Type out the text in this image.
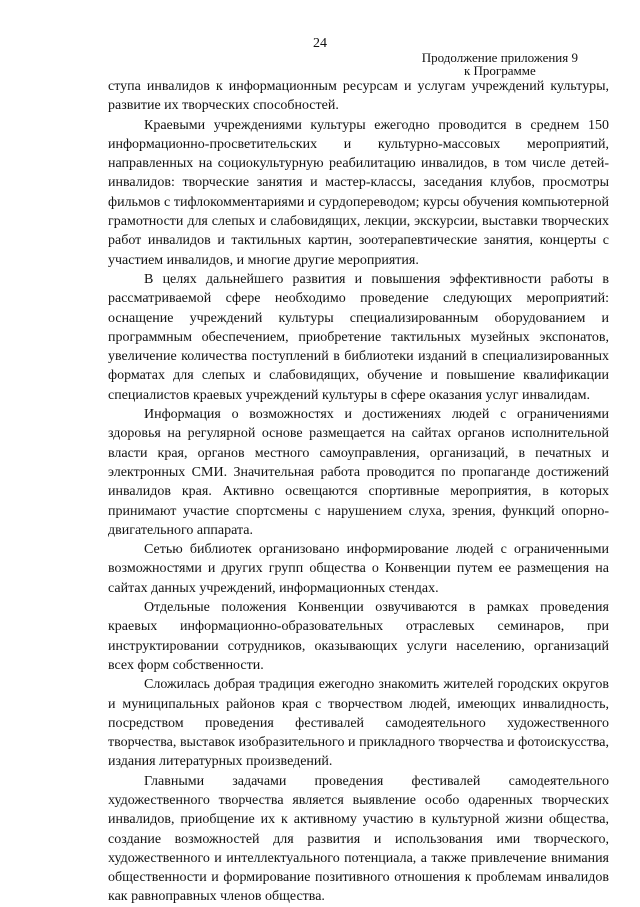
24
Продолжение приложения 9
к Программе

ступа инвалидов к информационным ресурсам и услугам учреждений культуры, развитие их творческих способностей.

Краевыми учреждениями культуры ежегодно проводится в среднем 150 информационно-просветительских и культурно-массовых мероприятий, направленных на социокультурную реабилитацию инвалидов, в том числе детей-инвалидов: творческие занятия и мастер-классы, заседания клубов, просмотры фильмов с тифлокомментариями и сурдопереводом; курсы обучения компьютерной грамотности для слепых и слабовидящих, лекции, экскурсии, выставки творческих работ инвалидов и тактильных картин, зоотерапевтические занятия, концерты с участием инвалидов, и многие другие мероприятия.

В целях дальнейшего развития и повышения эффективности работы в рассматриваемой сфере необходимо проведение следующих мероприятий: оснащение учреждений культуры специализированным оборудованием и программным обеспечением, приобретение тактильных музейных экспонатов, увеличение количества поступлений в библиотеки изданий в специализированных форматах для слепых и слабовидящих, обучение и повышение квалификации специалистов краевых учреждений культуры в сфере оказания услуг инвалидам.

Информация о возможностях и достижениях людей с ограничениями здоровья на регулярной основе размещается на сайтах органов исполнительной власти края, органов местного самоуправления, организаций, в печатных и электронных СМИ. Значительная работа проводится по пропаганде достижений инвалидов края. Активно освещаются спортивные мероприятия, в которых принимают участие спортсмены с нарушением слуха, зрения, функций опорно-двигательного аппарата.

Сетью библиотек организовано информирование людей с ограниченными возможностями и других групп общества о Конвенции путем ее размещения на сайтах данных учреждений, информационных стендах.

Отдельные положения Конвенции озвучиваются в рамках проведения краевых информационно-образовательных отраслевых семинаров, при инструктировании сотрудников, оказывающих услуги населению, организаций всех форм собственности.

Сложилась добрая традиция ежегодно знакомить жителей городских округов и муниципальных районов края с творчеством людей, имеющих инвалидность, посредством проведения фестивалей самодеятельного художественного творчества, выставок изобразительного и прикладного творчества и фотоискусства, издания литературных произведений.

Главными задачами проведения фестивалей самодеятельного художественного творчества является выявление особо одаренных творческих инвалидов, приобщение их к активному участию в культурной жизни общества, создание возможностей для развития и использования ими творческого, художественного и интеллектуального потенциала, а также привлечение внимания общественности и формирование позитивного отношения к проблемам инвалидов как равноправных членов общества.
